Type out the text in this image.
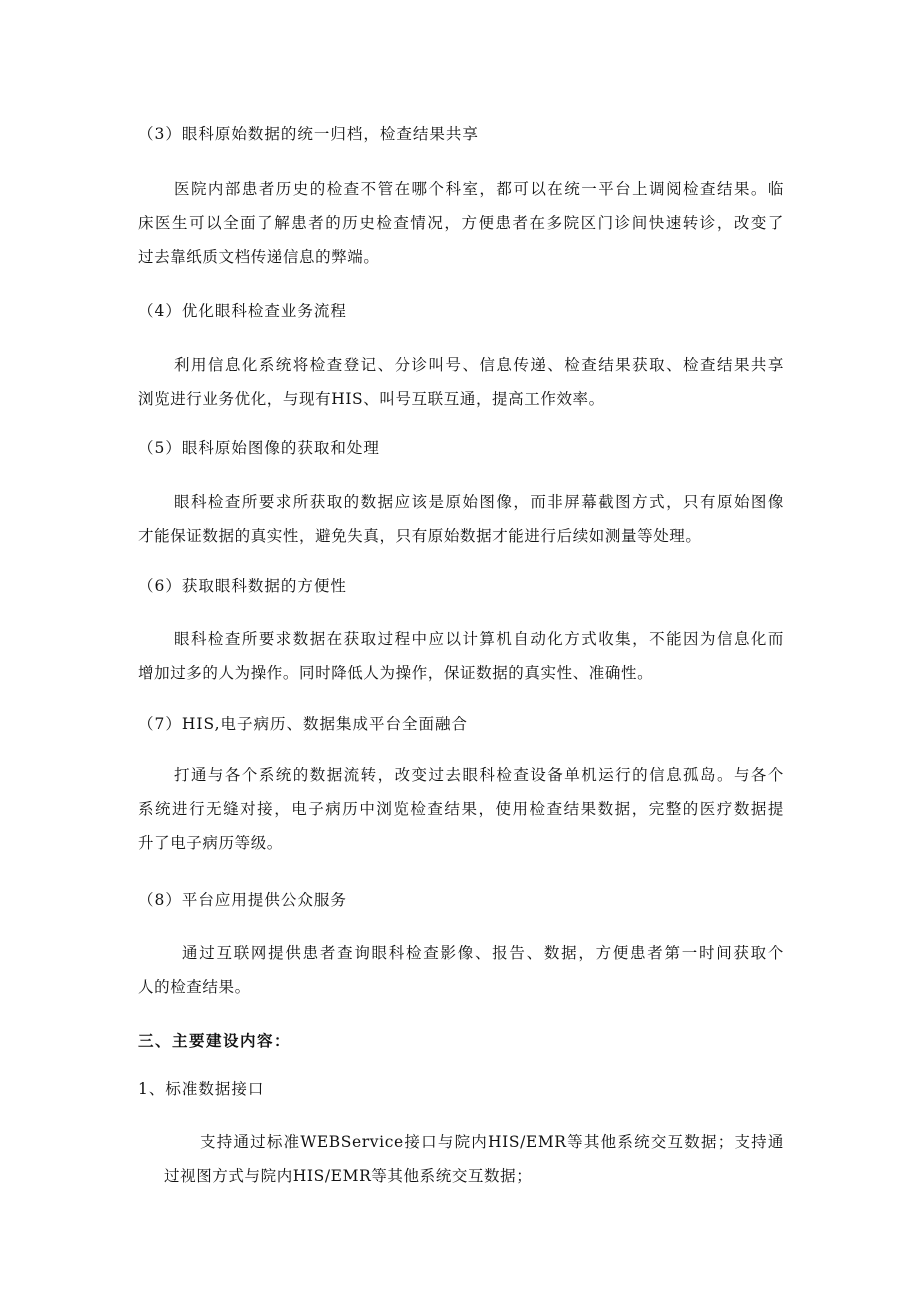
（3）眼科原始数据的统一归档，检查结果共享
医院内部患者历史的检查不管在哪个科室，都可以在统一平台上调阅检查结果。临
床医生可以全面了解患者的历史检查情况，方便患者在多院区门诊间快速转诊，改变了
过去靠纸质文档传递信息的弊端。
（4）优化眼科检查业务流程
利用信息化系统将检查登记、分诊叫号、信息传递、检查结果获取、检查结果共享
浏览进行业务优化，与现有HIS、叫号互联互通，提高工作效率。
（5）眼科原始图像的获取和处理
眼科检查所要求所获取的数据应该是原始图像，而非屏幕截图方式，只有原始图像
才能保证数据的真实性，避免失真，只有原始数据才能进行后续如测量等处理。
（6）获取眼科数据的方便性
眼科检查所要求数据在获取过程中应以计算机自动化方式收集，不能因为信息化而
增加过多的人为操作。同时降低人为操作，保证数据的真实性、准确性。
（7）HIS,电子病历、数据集成平台全面融合
打通与各个系统的数据流转，改变过去眼科检查设备单机运行的信息孤岛。与各个
系统进行无缝对接，电子病历中浏览检查结果，使用检查结果数据，完整的医疗数据提
升了电子病历等级。
（8）平台应用提供公众服务
通过互联网提供患者查询眼科检查影像、报告、数据，方便患者第一时间获取个
人的检查结果。
三、主要建设内容：
1、标准数据接口
支持通过标准WEBService接口与院内HIS/EMR等其他系统交互数据；支持通
过视图方式与院内HIS/EMR等其他系统交互数据；
